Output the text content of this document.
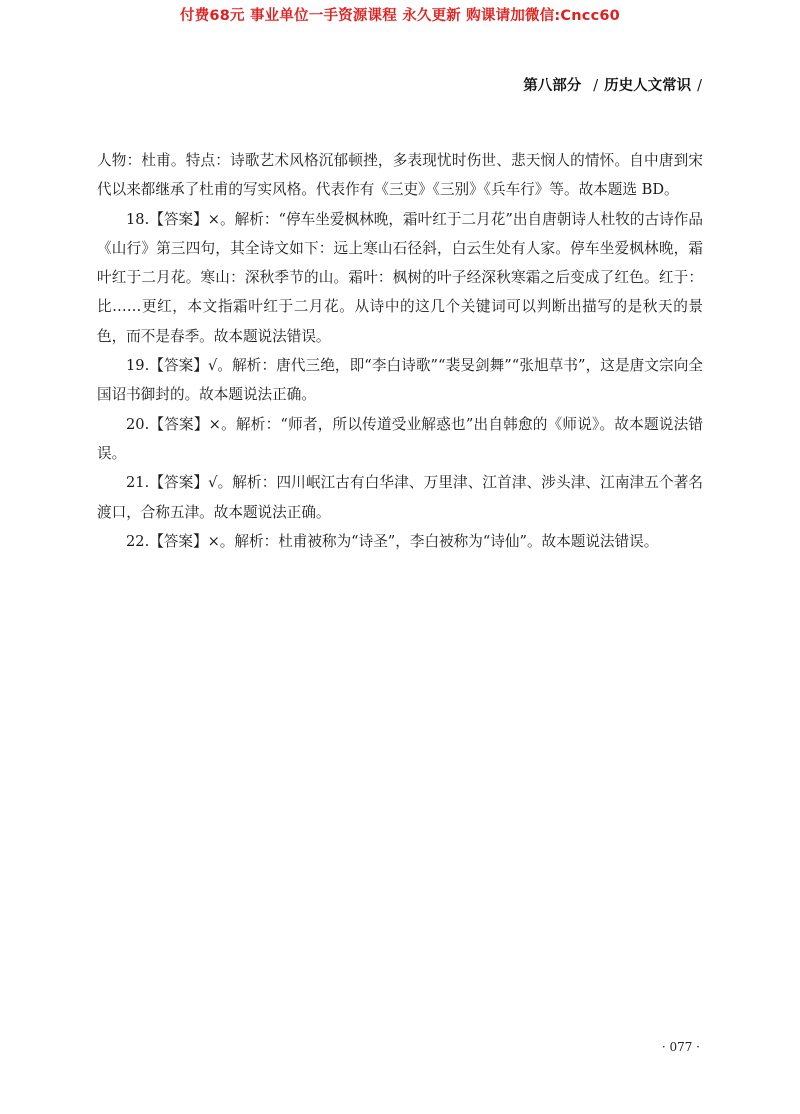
付费68元 事业单位一手资源课程 永久更新 购课请加微信:Cncc60
第八部分 / 历史人文常识 /

人物：杜甫。特点：诗歌艺术风格沉郁顿挫，多表现忧时伤世、悲天悯人的情怀。自中唐到宋代以来都继承了杜甫的写实风格。代表作有《三吏》《三别》《兵车行》等。故本题选 BD。

18.【答案】×。解析：“停车坐爱枫林晚，霜叶红于二月花”出自唐朝诗人杜牧的古诗作品《山行》第三四句，其全诗文如下：远上寒山石径斜，白云生处有人家。停车坐爱枫林晚，霜叶红于二月花。寒山：深秋季节的山。霜叶：枫树的叶子经深秋寒霜之后变成了红色。红于：比……更红，本文指霜叶红于二月花。从诗中的这几个关键词可以判断出描写的是秋天的景色，而不是春季。故本题说法错误。

19.【答案】√。解析：唐代三绝，即“李白诗歌”“裴旻剑舞”“张旭草书”，这是唐文宗向全国诏书御封的。故本题说法正确。

20.【答案】×。解析：“师者，所以传道受业解惑也”出自韩愈的《师说》。故本题说法错误。

21.【答案】√。解析：四川岷江古有白华津、万里津、江首津、涉头津、江南津五个著名渡口，合称五津。故本题说法正确。

22.【答案】×。解析：杜甫被称为“诗圣”，李白被称为“诗仙”。故本题说法错误。

· 077 ·
